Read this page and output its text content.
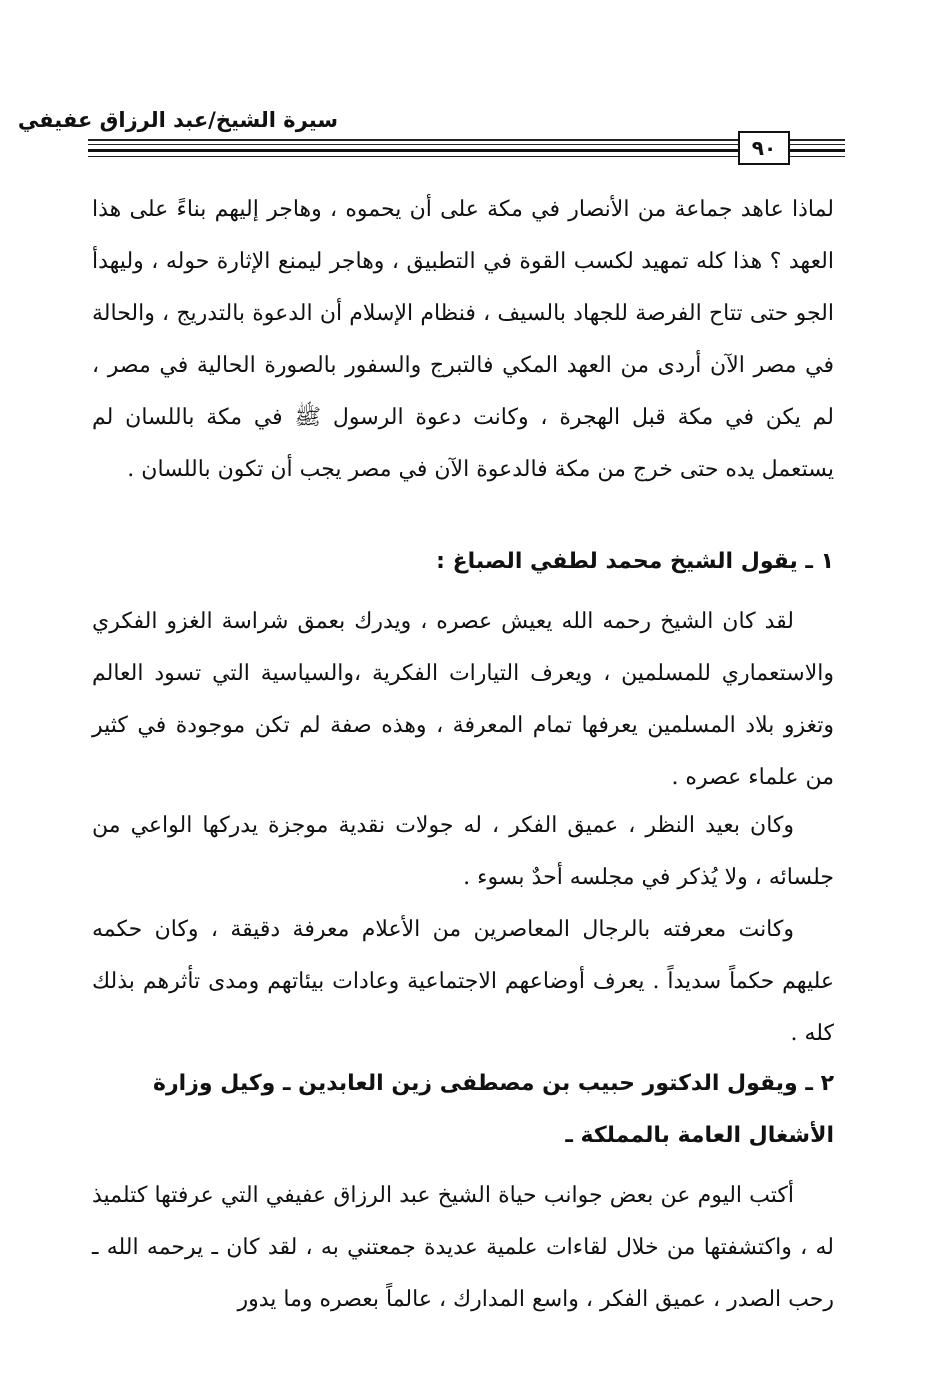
سيرة الشيخ/عبد الرزاق عفيفي
٩٠

لماذا عاهد جماعة من الأنصار في مكة على أن يحموه ، وهاجر إليهم بناءً على هذا العهد ؟ هذا كله تمهيد لكسب القوة في التطبيق ، وهاجر ليمنع الإثارة حوله ، وليهدأ الجو حتى تتاح الفرصة للجهاد بالسيف ، فنظام الإسلام أن الدعوة بالتدريج ، والحالة في مصر الآن أردى من العهد المكي فالتبرج والسفور بالصورة الحالية في مصر ، لم يكن في مكة قبل الهجرة ، وكانت دعوة الرسول ﷺ في مكة باللسان لم يستعمل يده حتى خرج من مكة فالدعوة الآن في مصر يجب أن تكون باللسان .

١ ـ يقول الشيخ محمد لطفي الصباغ :

لقد كان الشيخ رحمه الله يعيش عصره ، ويدرك بعمق شراسة الغزو الفكري والاستعماري للمسلمين ، ويعرف التيارات الفكرية ،والسياسية التي تسود العالم وتغزو بلاد المسلمين يعرفها تمام المعرفة ، وهذه صفة لم تكن موجودة في كثير من علماء عصره .

وكان بعيد النظر ، عميق الفكر ، له جولات نقدية موجزة يدركها الواعي من جلسائه ، ولا يُذكر في مجلسه أحدٌ بسوء .

وكانت معرفته بالرجال المعاصرين من الأعلام معرفة دقيقة ، وكان حكمه عليهم حكماً سديداً . يعرف أوضاعهم الاجتماعية وعادات بيئاتهم ومدى تأثرهم بذلك كله .

٢ ـ ويقول الدكتور حبيب بن مصطفى زين العابدين ـ وكيل وزارة الأشغال العامة بالمملكة ـ

أكتب اليوم عن بعض جوانب حياة الشيخ عبد الرزاق عفيفي التي عرفتها كتلميذ له ، واكتشفتها من خلال لقاءات علمية عديدة جمعتني به ، لقد كان ـ يرحمه الله ـ رحب الصدر ، عميق الفكر ، واسع المدارك ، عالماً بعصره وما يدور
